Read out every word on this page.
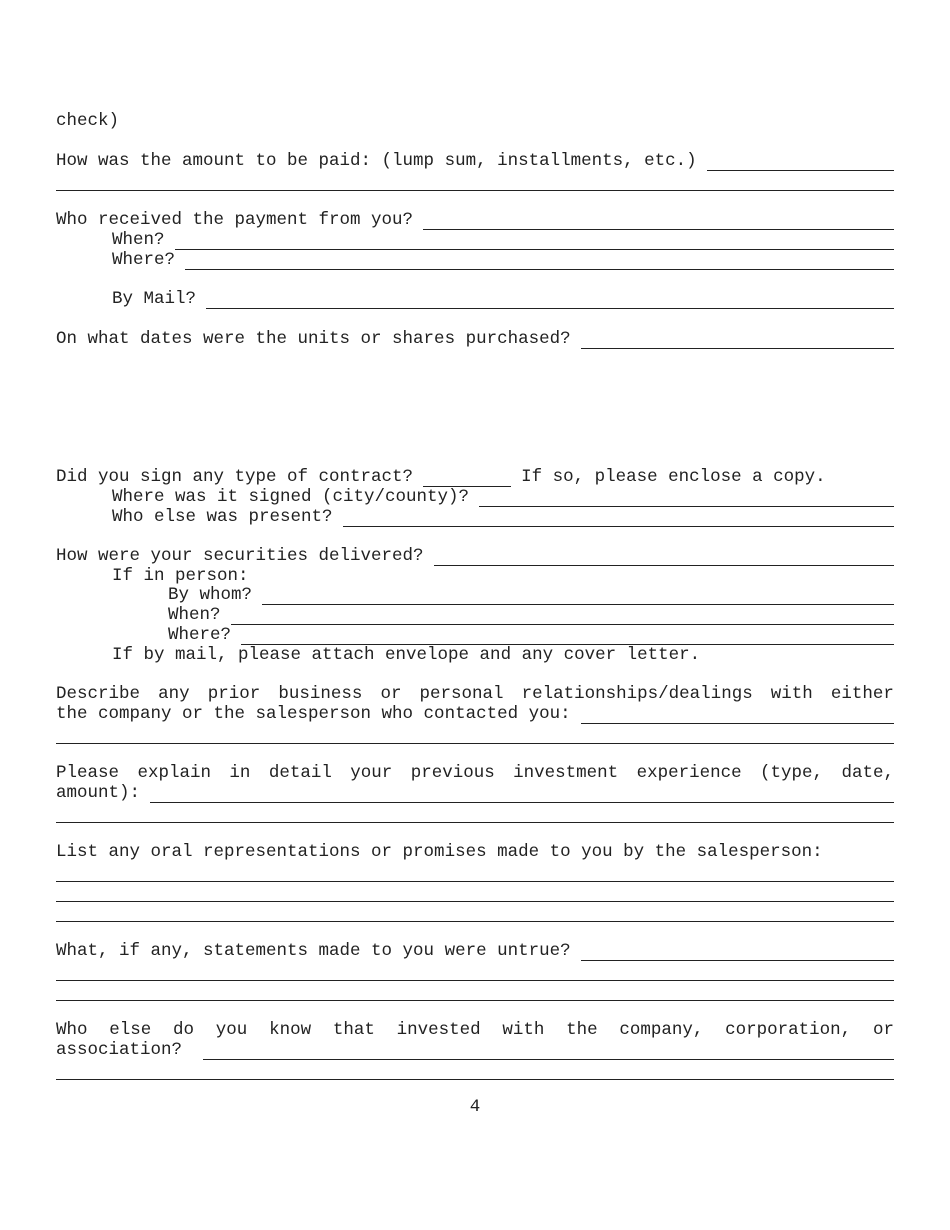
check)
How was the amount to be paid: (lump sum, installments, etc.)
Who received the payment from you?
When?
Where?
By Mail?
On what dates were the units or shares purchased?
Did you sign any type of contract?	If so, please enclose a copy.
Where was it signed (city/county)?
Who else was present?
How were your securities delivered?
If in person:
By whom?
When?
Where?
If by mail, please attach envelope and any cover letter.
Describe any prior business or personal relationships/dealings with either
the company or the salesperson who contacted you:
Please explain in detail your previous investment experience (type, date,
amount):
List any oral representations or promises made to you by the salesperson:
What, if any, statements made to you were untrue?
Who else do you know that invested with the company, corporation, or
association?
4
